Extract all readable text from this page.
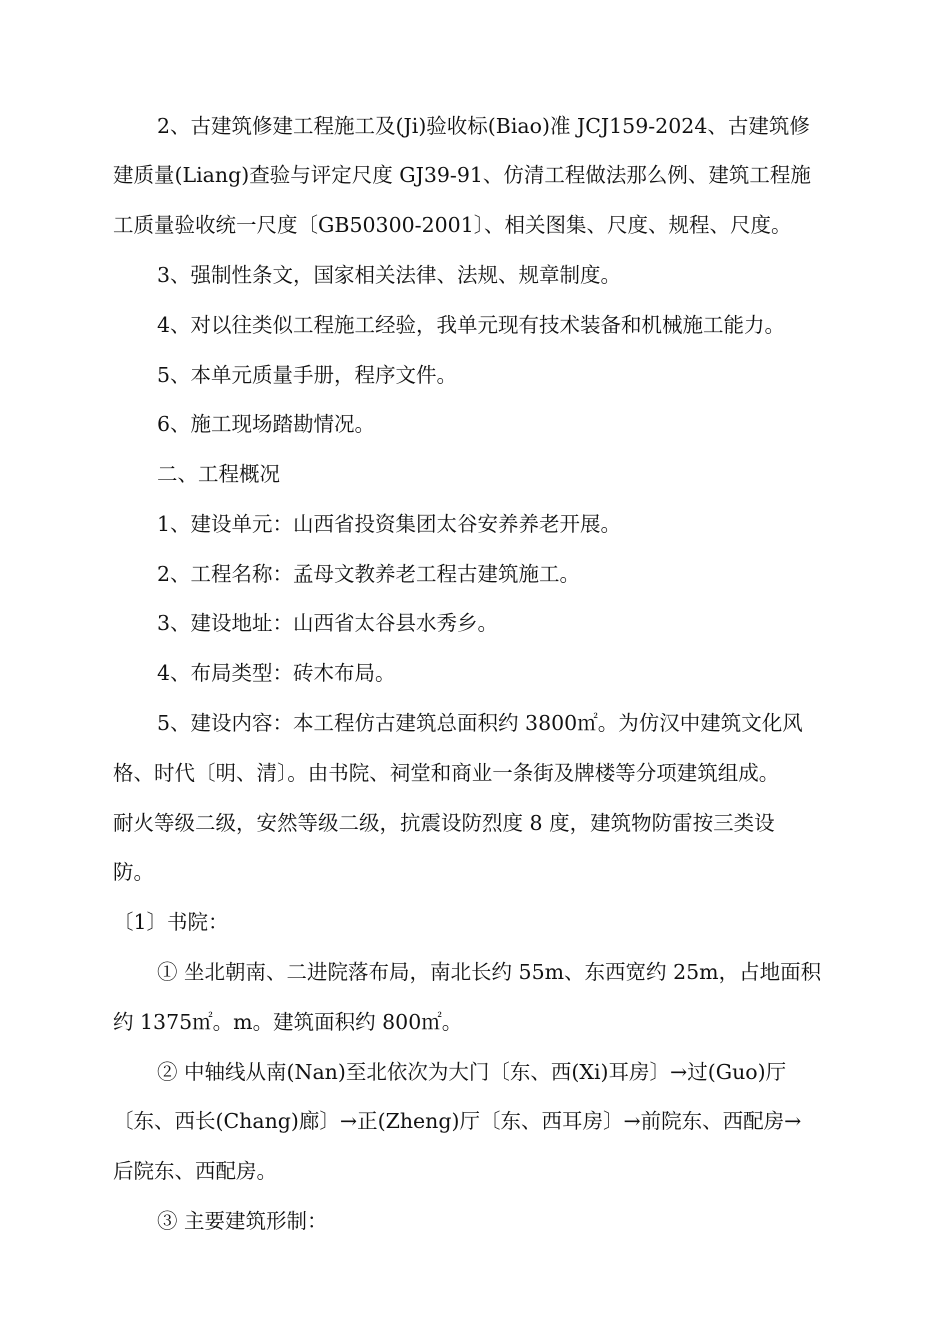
2、古建筑修建工程施工及(Ji)验收标(Biao)准 JCJ159-2024、古建筑修
建质量(Liang)查验与评定尺度 GJ39-91、仿清工程做法那么例、建筑工程施
工质量验收统一尺度〔GB50300-2001〕、相关图集、尺度、规程、尺度。
3、强制性条文，国家相关法律、法规、规章制度。
4、对以往类似工程施工经验，我单元现有技术装备和机械施工能力。
5、本单元质量手册，程序文件。
6、施工现场踏勘情况。
二、工程概况
1、建设单元：山西省投资集团太谷安养养老开展。
2、工程名称：孟母文教养老工程古建筑施工。
3、建设地址：山西省太谷县水秀乡。
4、布局类型：砖木布局。
5、建设内容：本工程仿古建筑总面积约 3800㎡。为仿汉中建筑文化风
格、时代〔明、清〕。由书院、祠堂和商业一条街及牌楼等分项建筑组成。
耐火等级二级，安然等级二级，抗震设防烈度 8 度，建筑物防雷按三类设
防。
〔1〕书院：
① 坐北朝南、二进院落布局，南北长约 55m、东西宽约 25m，占地面积
约 1375㎡。m。建筑面积约 800㎡。
② 中轴线从南(Nan)至北依次为大门〔东、西(Xi)耳房〕→过(Guo)厅
〔东、西长(Chang)廊〕→正(Zheng)厅〔东、西耳房〕→前院东、西配房→
后院东、西配房。
③ 主要建筑形制：
